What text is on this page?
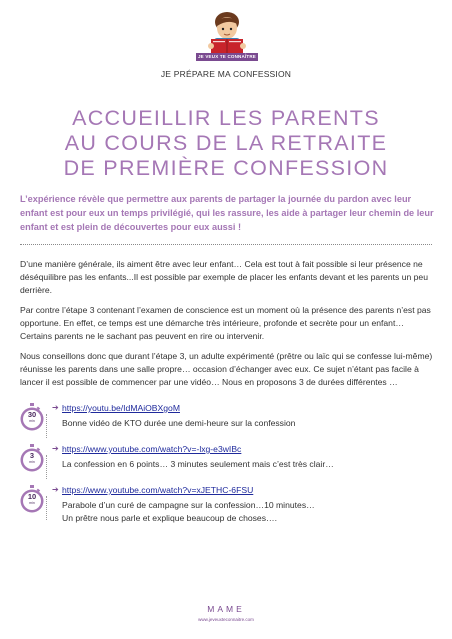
JE VEUX TE CONNAÎTRE
JE PRÉPARE MA CONFESSION
ACCUEILLIR LES PARENTS
AU COURS DE LA RETRAITE
DE PREMIÈRE CONFESSION
L’expérience révèle que permettre aux parents de partager la journée du pardon avec leur enfant est pour eux un temps privilégié, qui les rassure, les aide à partager leur chemin de leur enfant et est plein de découvertes pour eux aussi !

D’une manière générale, ils aiment être avec leur enfant… Cela est tout à fait possible si leur présence ne déséquilibre pas les enfants...Il est possible par exemple de placer les enfants devant et les parents un peu derrière.

Par contre l’étape 3 contenant l’examen de conscience est un moment où la présence des parents n’est pas opportune. En effet, ce temps est une démarche très intérieure, profonde et secrète pour un enfant… Certains parents ne le sachant pas peuvent en rire ou intervenir.

Nous conseillons donc que durant l’étape 3, un adulte expérimenté (prêtre ou laïc qui se confesse lui-même) réunisse les parents dans une salle propre… occasion d’échanger avec eux. Ce sujet n’étant pas facile à lancer il est possible de commencer par une vidéo… Nous en proposons 3 de durées différentes …

30
min
➔ https://youtu.be/IdMAiOBXgoM
Bonne vidéo de KTO durée une demi-heure sur la confession
3
min
➔ https://www.youtube.com/watch?v=-lxg-e3wIBc
La confession en 6 points… 3 minutes seulement mais c’est très clair…
10
min
➔ https://www.youtube.com/watch?v=xJETHC-6FSU
Parabole d’un curé de campagne sur la confession…10 minutes…
Un prêtre nous parle et explique beaucoup de choses….
MAME
www.jeveuxteconnaitre.com
